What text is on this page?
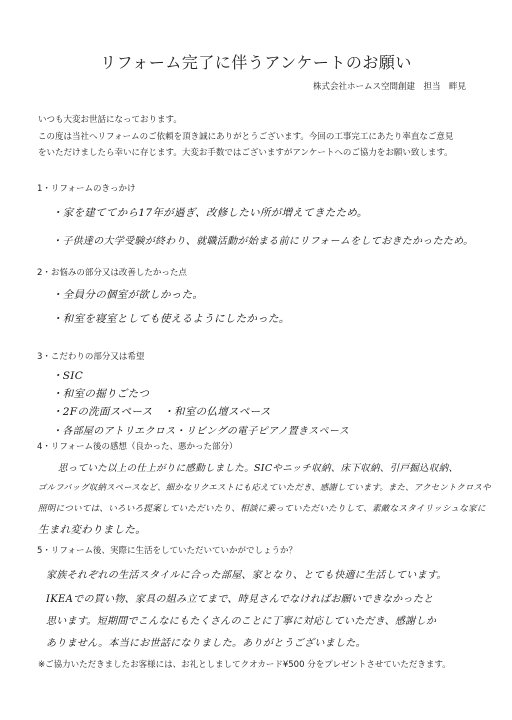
リフォーム完了に伴うアンケートのお願い
株式会社ホームス空間創建　担当　畔見
いつも大変お世話になっております。
この度は当社へリフォームのご依頼を頂き誠にありがとうございます。今回の工事完工にあたり率直なご意見
をいただけましたら幸いに存じます。大変お手数ではございますがアンケートへのご協力をお願い致します。
1・リフォームのきっかけ
・家を建ててから17年が過ぎ、改修したい所が増えてきたため。
・子供達の大学受験が終わり、就職活動が始まる前にリフォームをしておきたかったため。
2・お悩みの部分又は改善したかった点
・全員分の個室が欲しかった。
・和室を寝室としても使えるようにしたかった。
3・こだわりの部分又は希望
・SIC
・和室の掘りごたつ
・2Fの洗面スペース　・和室の仏壇スペース
・各部屋のアトリエクロス・リビングの電子ピアノ置きスペース
4・リフォーム後の感想（良かった、悪かった部分）
思っていた以上の仕上がりに感動しました。SICやニッチ収納、床下収納、引戸掘込収納、
ゴルフバッグ収納スペースなど、細かなリクエストにも応えていただき、感謝しています。また、アクセントクロスや
照明については、いろいろ提案していただいたり、相談に乗っていただいたりして、素敵なスタイリッシュな家に
生まれ変わりました。
5・リフォーム後、実際に生活をしていただいていかがでしょうか？
家族それぞれの生活スタイルに合った部屋、家となり、とても快適に生活しています。
IKEAでの買い物、家具の組み立てまで、時見さんでなければお願いできなかったと
思います。短期間でこんなにもたくさんのことに丁寧に対応していただき、感謝しか
ありません。本当にお世話になりました。ありがとうございました。
※ご協力いただきましたお客様には、お礼としましてクオカード¥500 分をプレゼントさせていただきます。
